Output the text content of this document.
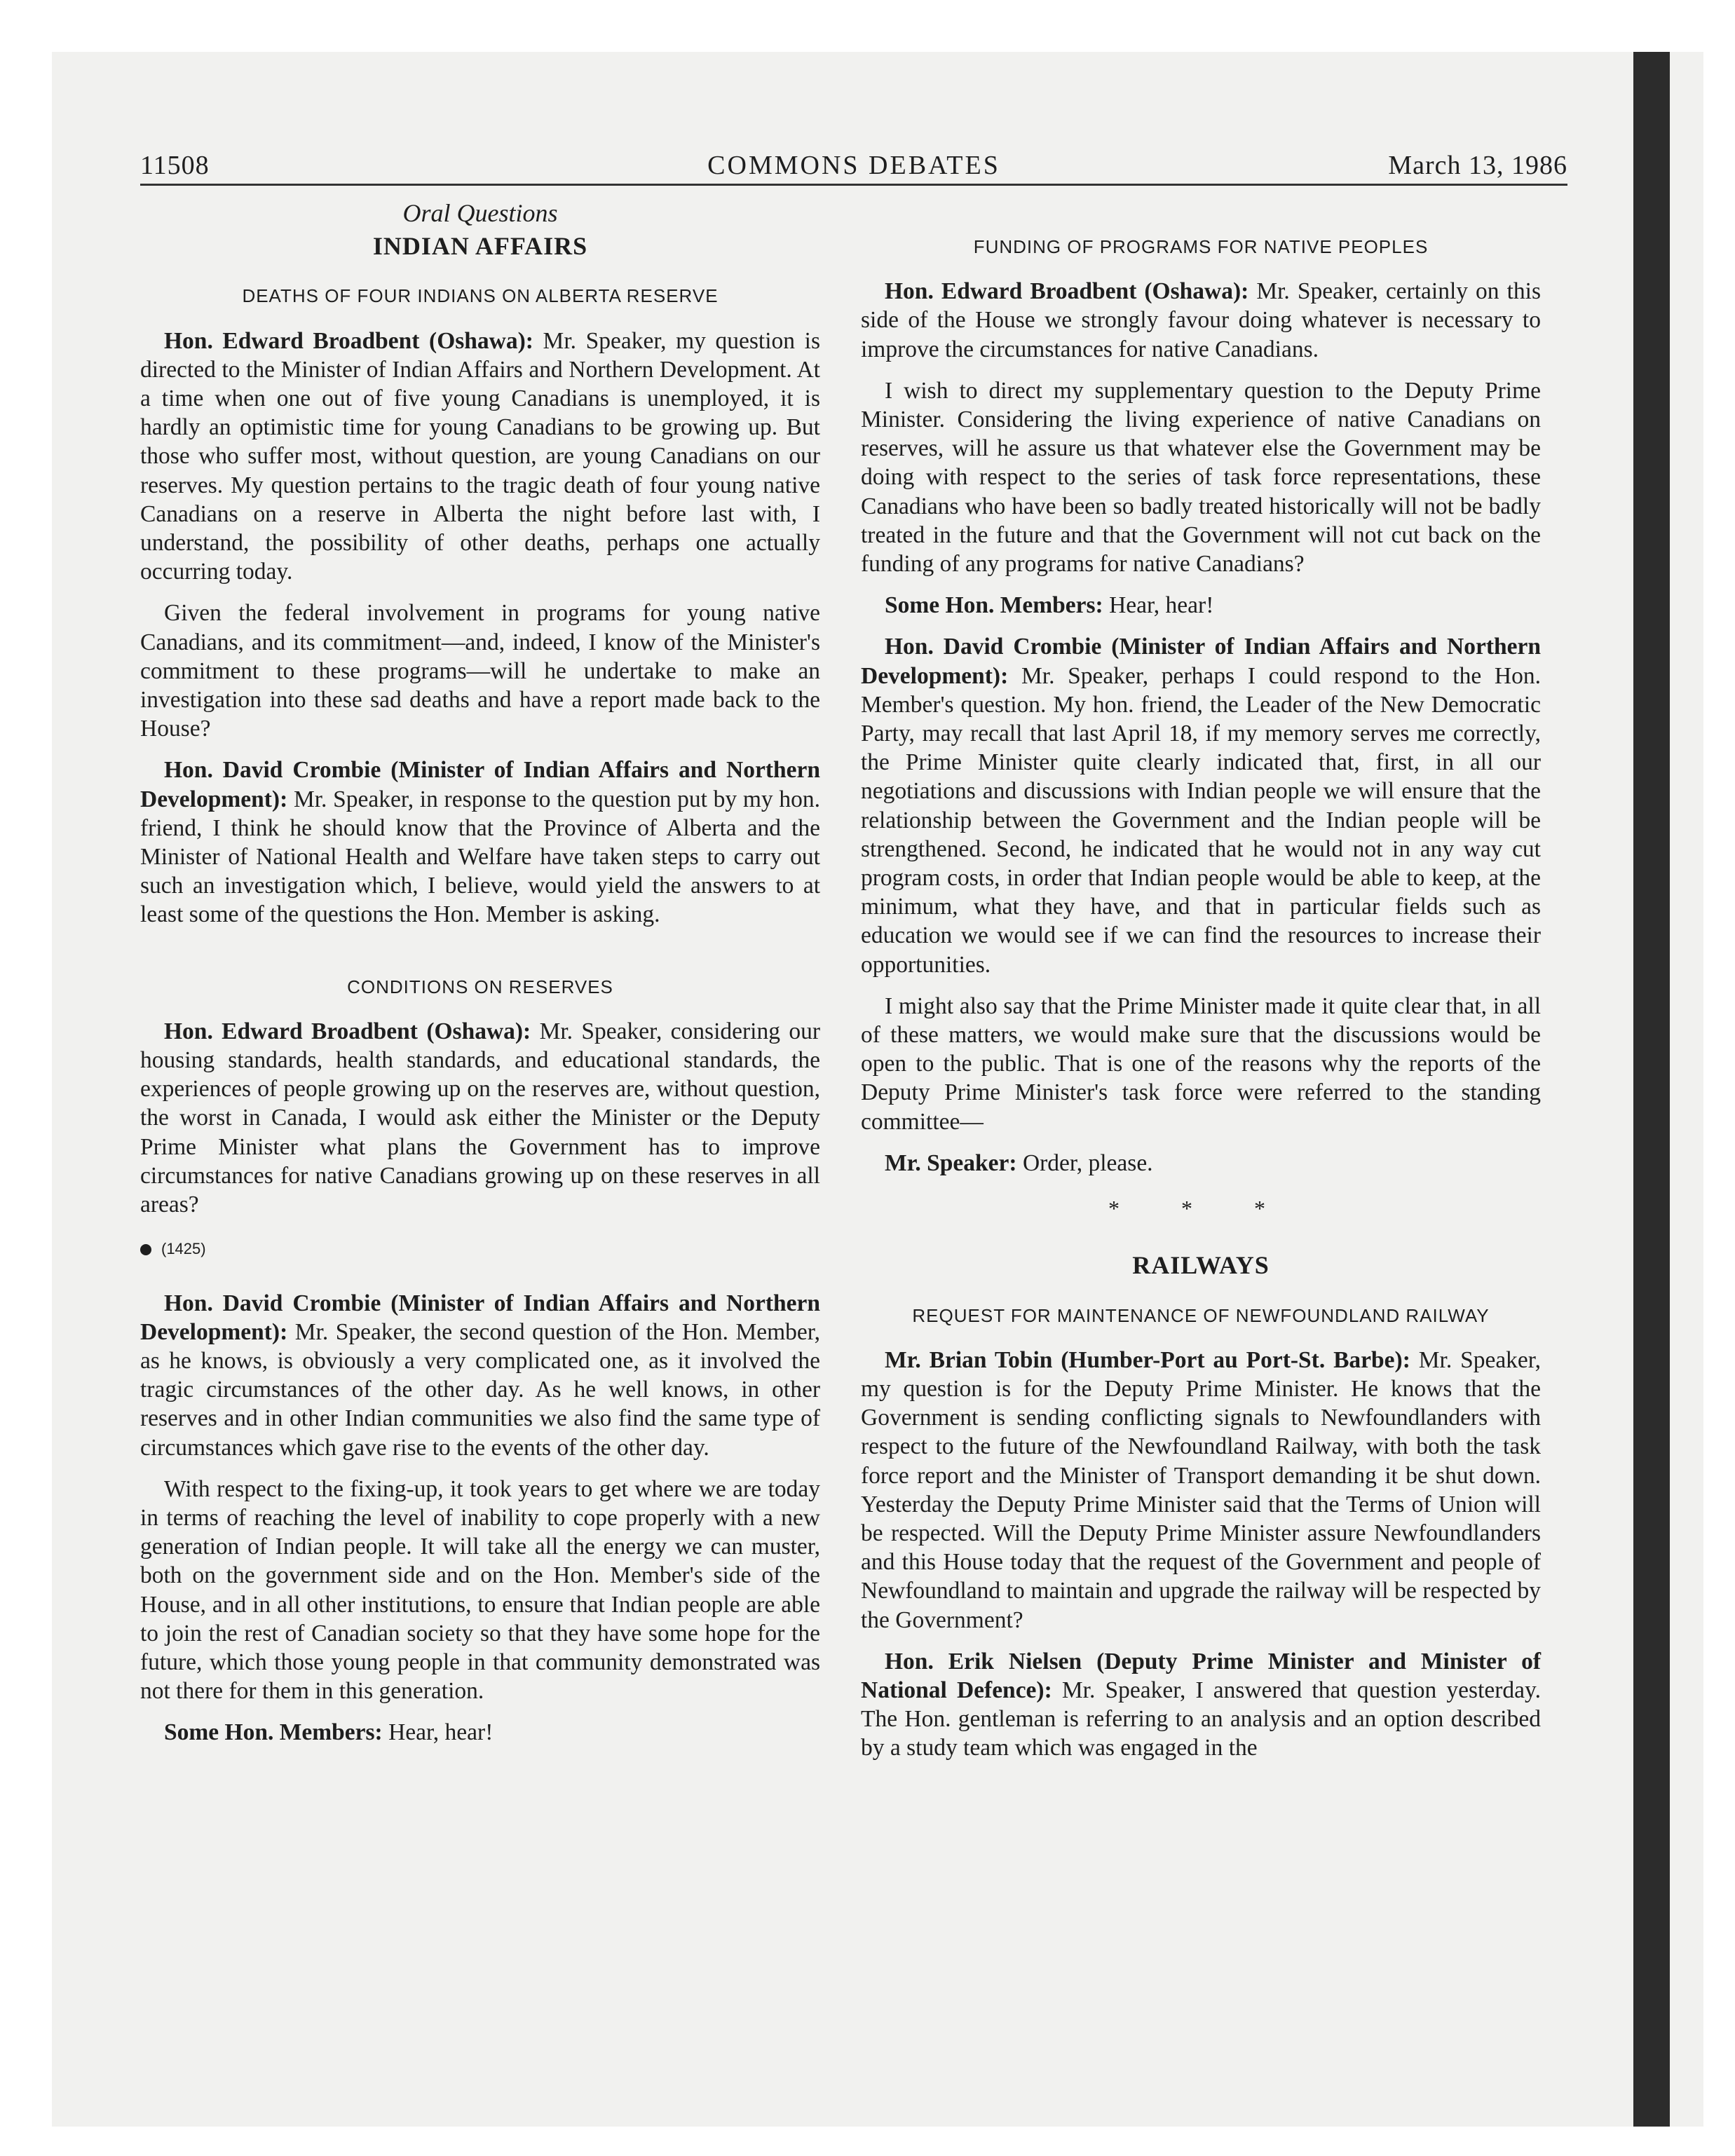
11508	COMMONS DEBATES	March 13, 1986
Oral Questions
INDIAN AFFAIRS
DEATHS OF FOUR INDIANS ON ALBERTA RESERVE

Hon. Edward Broadbent (Oshawa): Mr. Speaker, my question is directed to the Minister of Indian Affairs and Northern Development. At a time when one out of five young Canadians is unemployed, it is hardly an optimistic time for young Canadians to be growing up. But those who suffer most, without question, are young Canadians on our reserves. My question pertains to the tragic death of four young native Canadians on a reserve in Alberta the night before last with, I understand, the possibility of other deaths, perhaps one actually occurring today.

Given the federal involvement in programs for young native Canadians, and its commitment—and, indeed, I know of the Minister's commitment to these programs—will he undertake to make an investigation into these sad deaths and have a report made back to the House?

Hon. David Crombie (Minister of Indian Affairs and Northern Development): Mr. Speaker, in response to the question put by my hon. friend, I think he should know that the Province of Alberta and the Minister of National Health and Welfare have taken steps to carry out such an investigation which, I believe, would yield the answers to at least some of the questions the Hon. Member is asking.

CONDITIONS ON RESERVES

Hon. Edward Broadbent (Oshawa): Mr. Speaker, considering our housing standards, health standards, and educational standards, the experiences of people growing up on the reserves are, without question, the worst in Canada, I would ask either the Minister or the Deputy Prime Minister what plans the Government has to improve circumstances for native Canadians growing up on these reserves in all areas?

(1425)

Hon. David Crombie (Minister of Indian Affairs and Northern Development): Mr. Speaker, the second question of the Hon. Member, as he knows, is obviously a very complicated one, as it involved the tragic circumstances of the other day. As he well knows, in other reserves and in other Indian communities we also find the same type of circumstances which gave rise to the events of the other day.

With respect to the fixing-up, it took years to get where we are today in terms of reaching the level of inability to cope properly with a new generation of Indian people. It will take all the energy we can muster, both on the government side and on the Hon. Member's side of the House, and in all other institutions, to ensure that Indian people are able to join the rest of Canadian society so that they have some hope for the future, which those young people in that community demonstrated was not there for them in this generation.

Some Hon. Members: Hear, hear!

FUNDING OF PROGRAMS FOR NATIVE PEOPLES

Hon. Edward Broadbent (Oshawa): Mr. Speaker, certainly on this side of the House we strongly favour doing whatever is necessary to improve the circumstances for native Canadians.

I wish to direct my supplementary question to the Deputy Prime Minister. Considering the living experience of native Canadians on reserves, will he assure us that whatever else the Government may be doing with respect to the series of task force representations, these Canadians who have been so badly treated historically will not be badly treated in the future and that the Government will not cut back on the funding of any programs for native Canadians?

Some Hon. Members: Hear, hear!

Hon. David Crombie (Minister of Indian Affairs and Northern Development): Mr. Speaker, perhaps I could respond to the Hon. Member's question. My hon. friend, the Leader of the New Democratic Party, may recall that last April 18, if my memory serves me correctly, the Prime Minister quite clearly indicated that, first, in all our negotiations and discussions with Indian people we will ensure that the relationship between the Government and the Indian people will be strengthened. Second, he indicated that he would not in any way cut program costs, in order that Indian people would be able to keep, at the minimum, what they have, and that in particular fields such as education we would see if we can find the resources to increase their opportunities.

I might also say that the Prime Minister made it quite clear that, in all of these matters, we would make sure that the discussions would be open to the public. That is one of the reasons why the reports of the Deputy Prime Minister's task force were referred to the standing committee—

Mr. Speaker: Order, please.

* * *
RAILWAYS
REQUEST FOR MAINTENANCE OF NEWFOUNDLAND RAILWAY

Mr. Brian Tobin (Humber-Port au Port-St. Barbe): Mr. Speaker, my question is for the Deputy Prime Minister. He knows that the Government is sending conflicting signals to Newfoundlanders with respect to the future of the Newfoundland Railway, with both the task force report and the Minister of Transport demanding it be shut down. Yesterday the Deputy Prime Minister said that the Terms of Union will be respected. Will the Deputy Prime Minister assure Newfoundlanders and this House today that the request of the Government and people of Newfoundland to maintain and upgrade the railway will be respected by the Government?

Hon. Erik Nielsen (Deputy Prime Minister and Minister of National Defence): Mr. Speaker, I answered that question yesterday. The Hon. gentleman is referring to an analysis and an option described by a study team which was engaged in the
